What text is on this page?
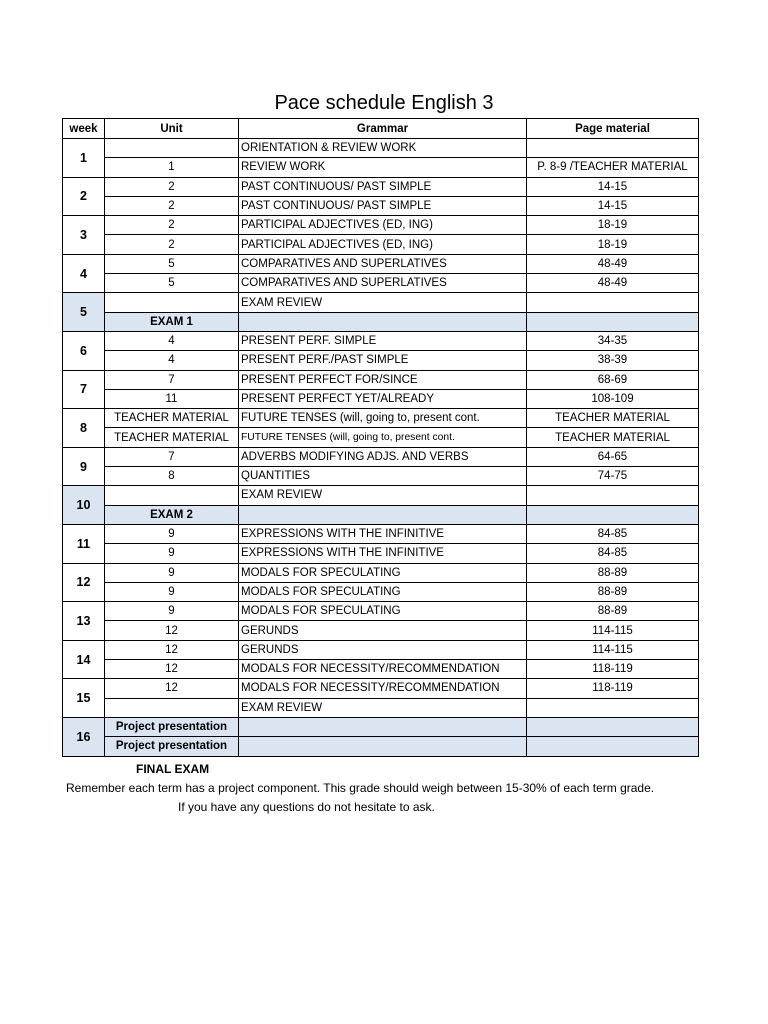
Pace schedule English 3
week	Unit	Grammar	Page material
1		ORIENTATION & REVIEW WORK	
	1	REVIEW WORK	P. 8-9 /TEACHER MATERIAL
2	2	PAST CONTINUOUS/ PAST SIMPLE	14-15
	2	PAST CONTINUOUS/ PAST SIMPLE	14-15
3	2	PARTICIPAL ADJECTIVES (ED, ING)	18-19
	2	PARTICIPAL ADJECTIVES (ED, ING)	18-19
4	5	COMPARATIVES AND SUPERLATIVES	48-49
	5	COMPARATIVES AND SUPERLATIVES	48-49
5		EXAM REVIEW	
	EXAM 1		
6	4	PRESENT PERF. SIMPLE	34-35
	4	PRESENT PERF./PAST SIMPLE	38-39
7	7	PRESENT PERFECT FOR/SINCE	68-69
	11	PRESENT PERFECT YET/ALREADY	108-109
8	TEACHER MATERIAL	FUTURE TENSES (will, going to, present cont.	TEACHER MATERIAL
	TEACHER MATERIAL	FUTURE TENSES (will, going to, present cont.	TEACHER MATERIAL
9	7	ADVERBS MODIFYING ADJS. AND VERBS	64-65
	8	QUANTITIES	74-75
10		EXAM REVIEW	
	EXAM 2		
11	9	EXPRESSIONS WITH THE INFINITIVE	84-85
	9	EXPRESSIONS WITH THE INFINITIVE	84-85
12	9	MODALS FOR SPECULATING	88-89
	9	MODALS FOR SPECULATING	88-89
13	9	MODALS FOR SPECULATING	88-89
	12	GERUNDS	114-115
14	12	GERUNDS	114-115
	12	MODALS FOR NECESSITY/RECOMMENDATION	118-119
15	12	MODALS FOR NECESSITY/RECOMMENDATION	118-119
		EXAM REVIEW	
16	Project presentation		
	Project presentation		
FINAL EXAM
Remember each term has a project component. This grade should weigh between 15-30% of each term grade.
If you have any questions do not hesitate to ask.
